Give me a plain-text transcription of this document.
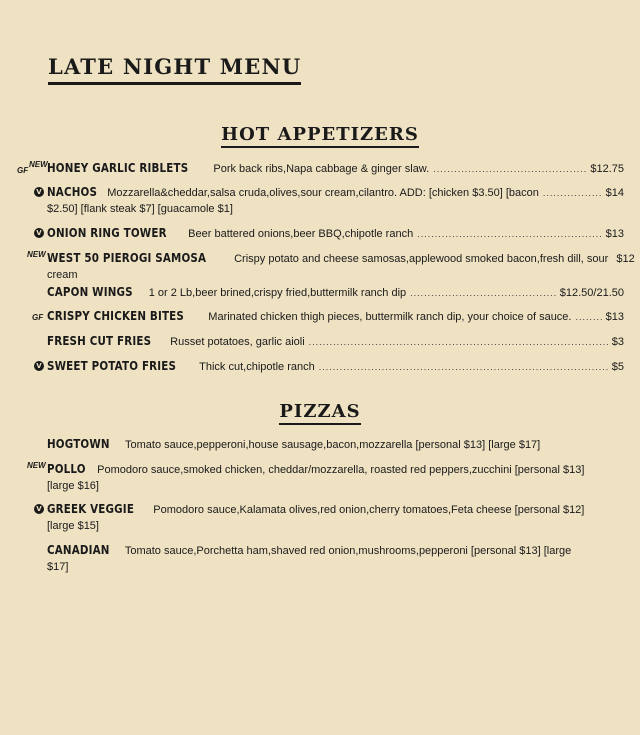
LATE NIGHT MENU
HOT APPETIZERS
GF
NEW HONEY GARLIC RIBLETS Pork back ribs,Napa cabbage & ginger slaw. .....	$12.75
V NACHOS Mozzarella&cheddar,salsa cruda,olives,sour cream,cilantro. ADD: [chicken $3.50] [bacon .....	$14
$2.50] [flank steak $7] [guacamole $1]
V ONION RING TOWER Beer battered onions,beer BBQ,chipotle ranch .....	$13
NEW WEST 50 PIEROGI SAMOSA	Crispy potato and cheese samosas,applewood smoked bacon,fresh dill, sour $12
cream
CAPON WINGS 1 or 2 Lb,beer brined,crispy fried,buttermilk ranch dip .....	$12.50/21.50
GF CRISPY CHICKEN BITES Marinated chicken thigh pieces, buttermilk ranch dip, your choice of sauce. .....	$13
FRESH CUT FRIES Russet potatoes, garlic aioli .....	$3
V SWEET POTATO FRIES Thick cut,chipotle ranch .....	$5
PIZZAS
HOGTOWN Tomato sauce,pepperoni,house sausage,bacon,mozzarella [personal $13] [large $17]
NEW POLLO Pomodoro sauce,smoked chicken, cheddar/mozzarella, roasted red peppers,zucchini [personal $13]
[large $16]
V GREEK VEGGIE Pomodoro sauce,Kalamata olives,red onion,cherry tomatoes,Feta cheese [personal $12]
[large $15]
CANADIAN Tomato sauce,Porchetta ham,shaved red onion,mushrooms,pepperoni [personal $13] [large
$17]
